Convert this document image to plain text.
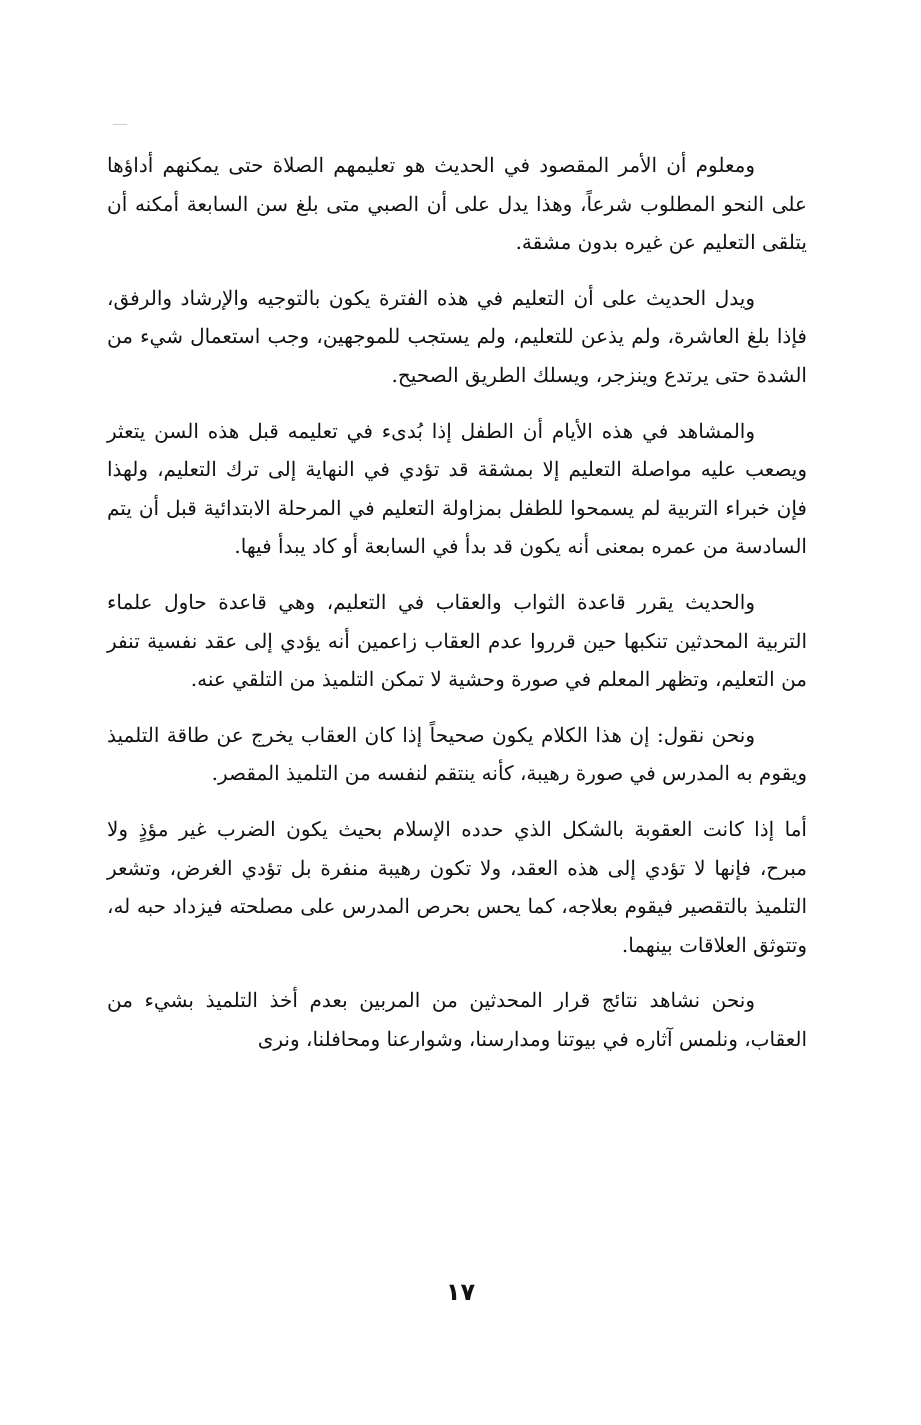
ومعلوم أن الأمر المقصود في الحديث هو تعليمهم الصلاة حتى يمكنهم أداؤها على النحو المطلوب شرعاً، وهذا يدل على أن الصبي متى بلغ سن السابعة أمكنه أن يتلقى التعليم عن غيره بدون مشقة.

ويدل الحديث على أن التعليم في هذه الفترة يكون بالتوجيه والإرشاد والرفق، فإذا بلغ العاشرة، ولم يذعن للتعليم، ولم يستجب للموجهين، وجب استعمال شيء من الشدة حتى يرتدع وينزجر، ويسلك الطريق الصحيح.

والمشاهد في هذه الأيام أن الطفل إذا بُدىء في تعليمه قبل هذه السن يتعثر ويصعب عليه مواصلة التعليم إلا بمشقة قد تؤدي في النهاية إلى ترك التعليم، ولهذا فإن خبراء التربية لم يسمحوا للطفل بمزاولة التعليم في المرحلة الابتدائية قبل أن يتم السادسة من عمره بمعنى أنه يكون قد بدأ في السابعة أو كاد يبدأ فيها.

والحديث يقرر قاعدة الثواب والعقاب في التعليم، وهي قاعدة حاول علماء التربية المحدثين تنكبها حين قرروا عدم العقاب زاعمين أنه يؤدي إلى عقد نفسية تنفر من التعليم، وتظهر المعلم في صورة وحشية لا تمكن التلميذ من التلقي عنه.

ونحن نقول: إن هذا الكلام يكون صحيحاً إذا كان العقاب يخرج عن طاقة التلميذ ويقوم به المدرس في صورة رهيبة، كأنه ينتقم لنفسه من التلميذ المقصر.

أما إذا كانت العقوبة بالشكل الذي حدده الإسلام بحيث يكون الضرب غير مؤذٍ ولا مبرح، فإنها لا تؤدي إلى هذه العقد، ولا تكون رهيبة منفرة بل تؤدي الغرض، وتشعر التلميذ بالتقصير فيقوم بعلاجه، كما يحس بحرص المدرس على مصلحته فيزداد حبه له، وتتوثق العلاقات بينهما.

ونحن نشاهد نتائج قرار المحدثين من المربين بعدم أخذ التلميذ بشيء من العقاب، ونلمس آثاره في بيوتنا ومدارسنا، وشوارعنا ومحافلنا، ونرى

١٧
